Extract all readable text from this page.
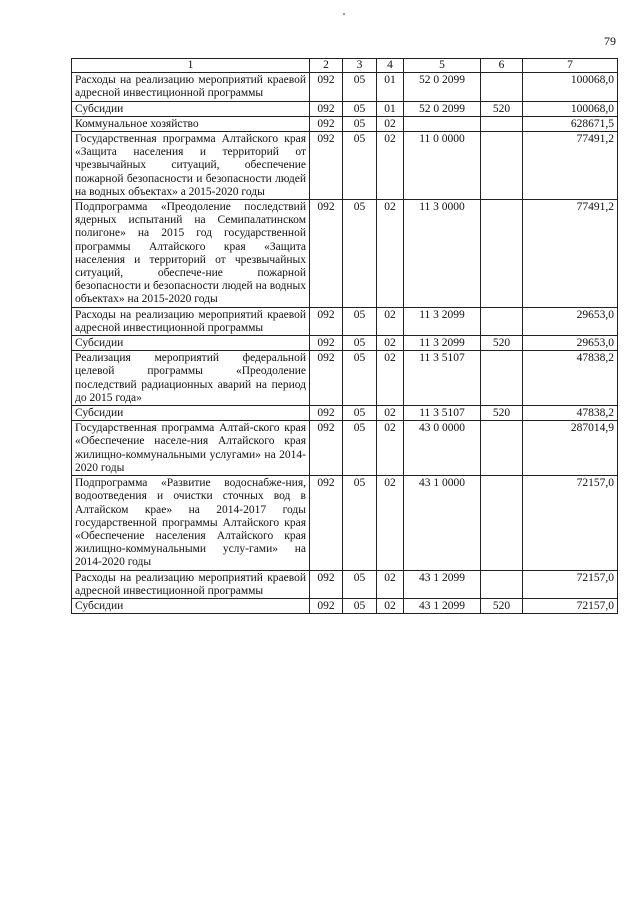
79
1	2	3	4	5	6	7
Расходы на реализацию мероприятий краевой адресной инвестиционной программы	092	05	01	52 0 2099		100068,0
Субсидии	092	05	01	52 0 2099	520	100068,0
Коммунальное хозяйство	092	05	02			628671,5
Государственная программа Алтайского края «Защита населения и территорий от чрезвычайных ситуаций, обеспечение пожарной безопасности и безопасности людей на водных объектах» а 2015-2020 годы	092	05	02	11 0 0000		77491,2
Подпрограмма «Преодоление последствий ядерных испытаний на Семипалатинском полигоне» на 2015 год государственной программы Алтайского края «Защита населения и территорий от чрезвычайных ситуаций, обеспече-ние пожарной безопасности и безопасности людей на водных объектах» на 2015-2020 годы	092	05	02	11 3 0000		77491,2
Расходы на реализацию мероприятий краевой адресной инвестиционной программы	092	05	02	11 3 2099		29653,0
Субсидии	092	05	02	11 3 2099	520	29653,0
Реализация мероприятий федеральной целевой программы «Преодоление последствий радиационных аварий на период до 2015 года»	092	05	02	11 3 5107		47838,2
Субсидии	092	05	02	11 3 5107	520	47838,2
Государственная программа Алтай-ского края «Обеспечение населе-ния Алтайского края жилищно-коммунальными услугами» на 2014-2020 годы	092	05	02	43 0 0000		287014,9
Подпрограмма «Развитие водоснабже-ния, водоотведения и очистки сточных вод в Алтайском крае» на 2014-2017 годы государственной программы Алтайского края «Обеспечение населения Алтайского края жилищно-коммунальными услу-гами» на 2014-2020 годы	092	05	02	43 1 0000		72157,0
Расходы на реализацию мероприятий краевой адресной инвестиционной программы	092	05	02	43 1 2099		72157,0
Субсидии	092	05	02	43 1 2099	520	72157,0
